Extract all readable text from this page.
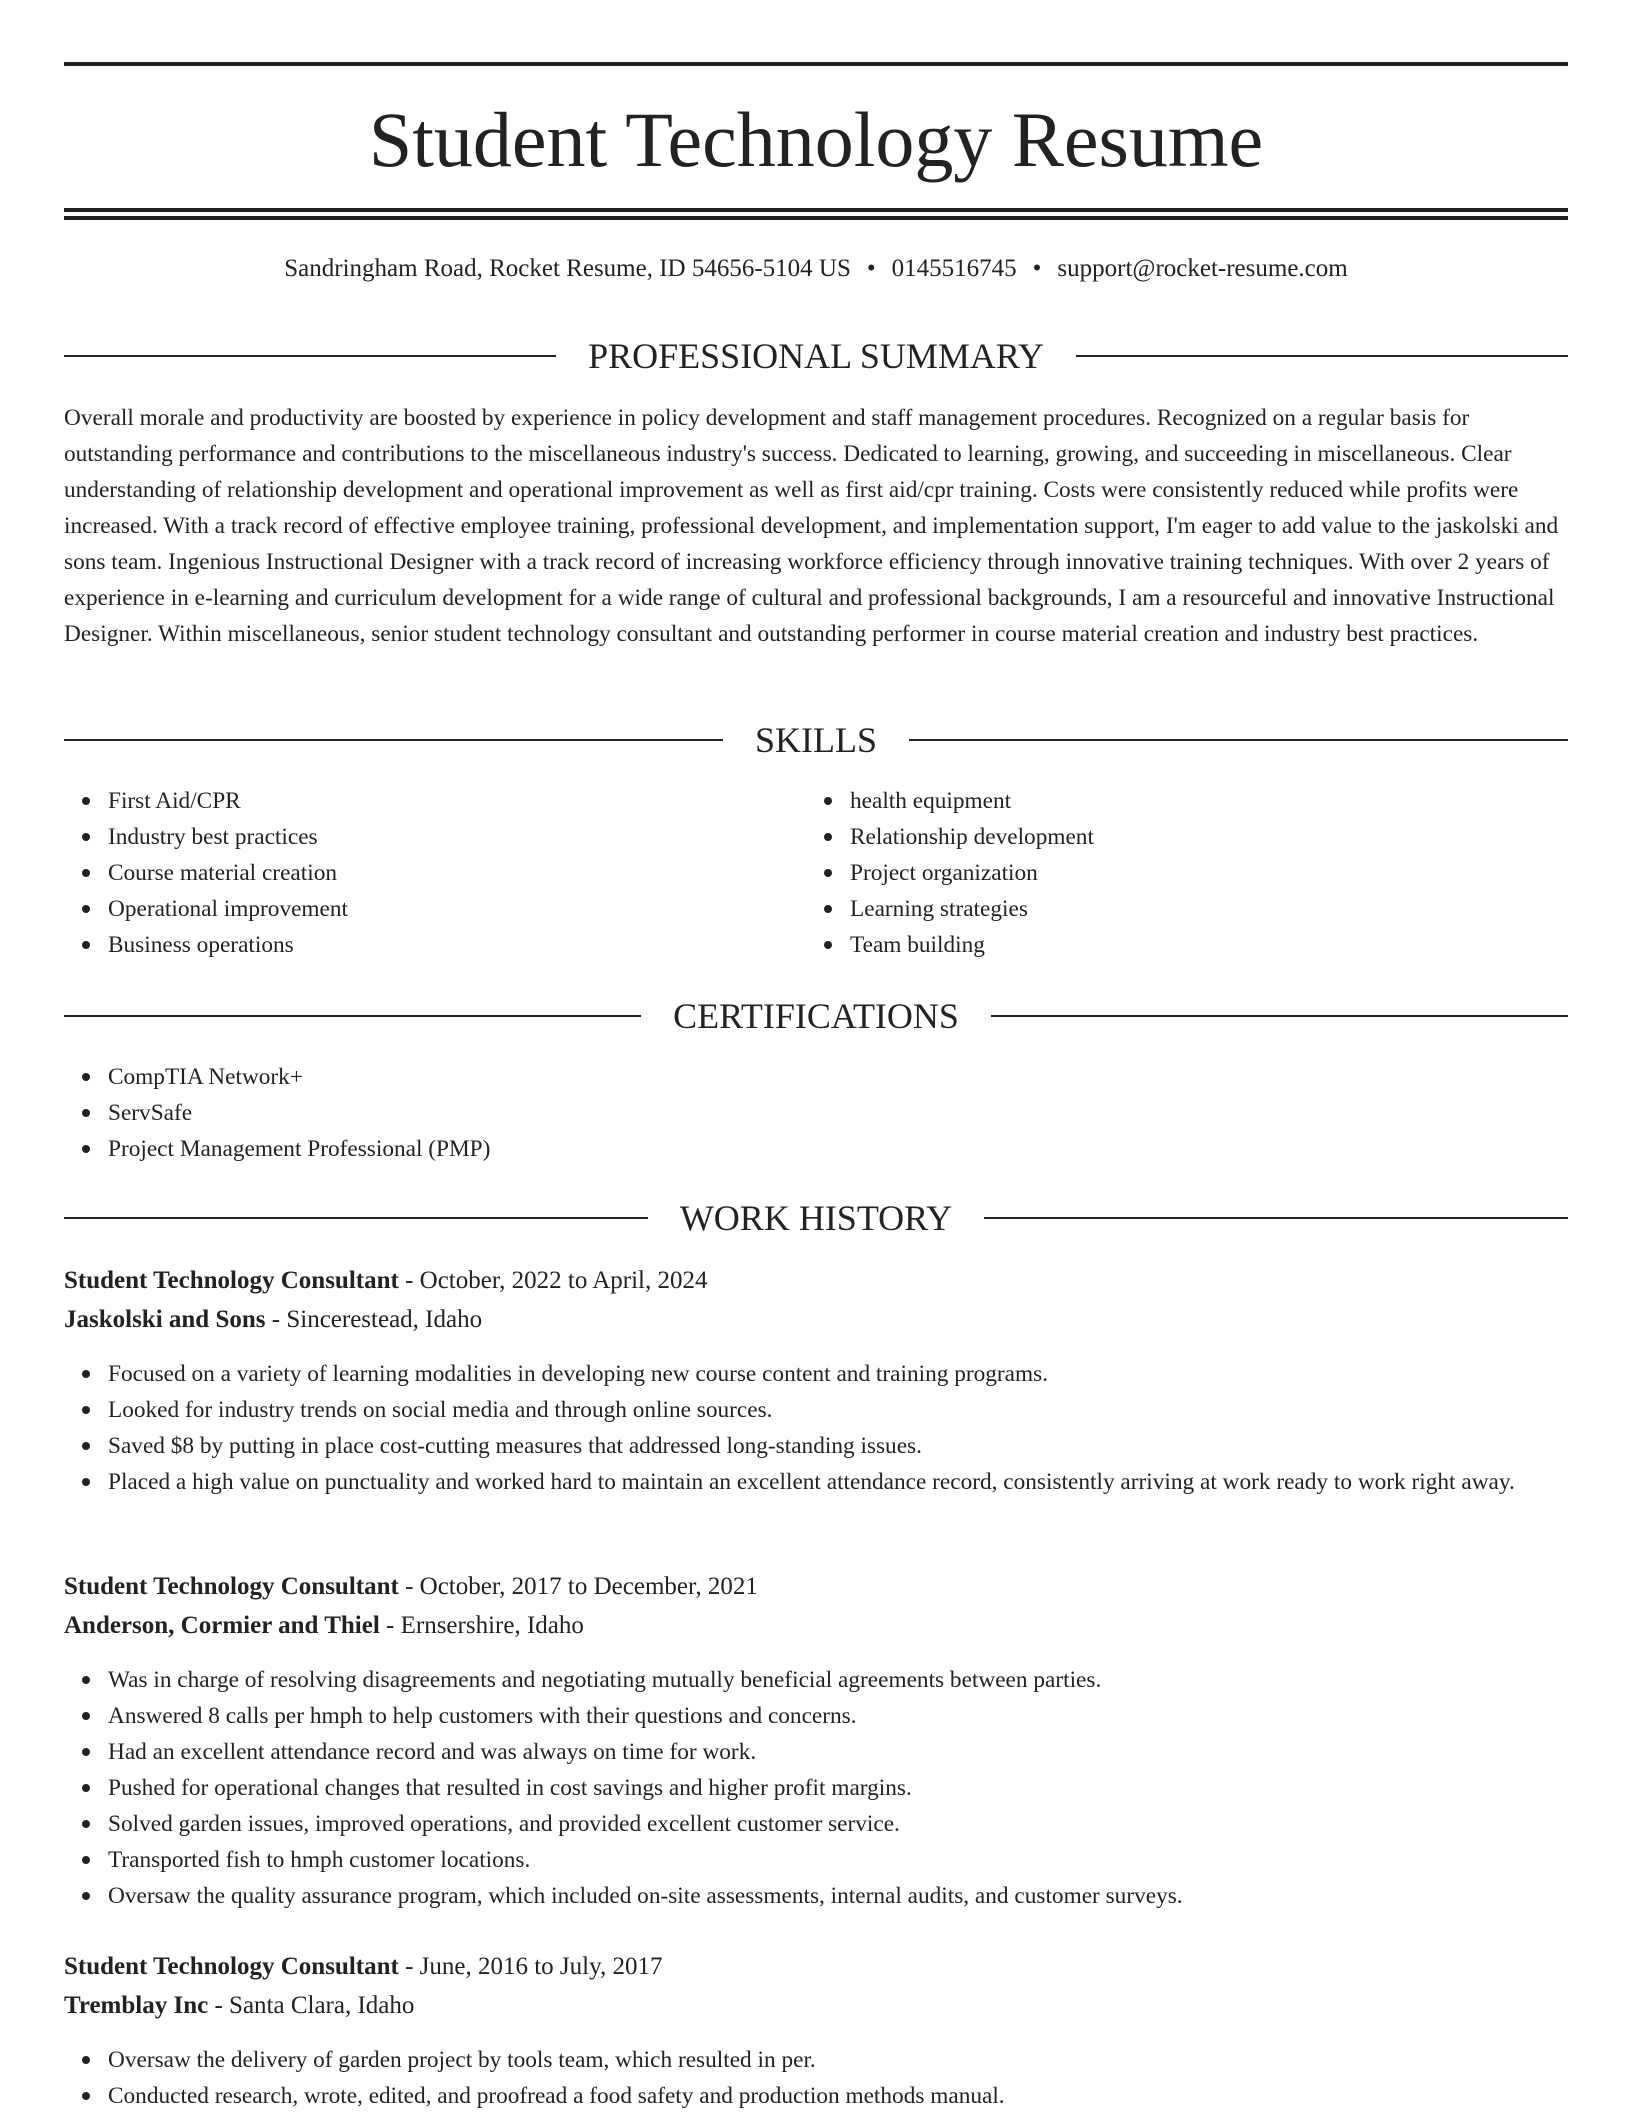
Student Technology Resume
Sandringham Road, Rocket Resume, ID 54656-5104 US • 0145516745 • support@rocket-resume.com
PROFESSIONAL SUMMARY

Overall morale and productivity are boosted by experience in policy development and staff management procedures. Recognized on a regular basis for outstanding performance and contributions to the miscellaneous industry's success. Dedicated to learning, growing, and succeeding in miscellaneous. Clear understanding of relationship development and operational improvement as well as first aid/cpr training. Costs were consistently reduced while profits were increased. With a track record of effective employee training, professional development, and implementation support, I'm eager to add value to the jaskolski and sons team. Ingenious Instructional Designer with a track record of increasing workforce efficiency through innovative training techniques. With over 2 years of experience in e-learning and curriculum development for a wide range of cultural and professional backgrounds, I am a resourceful and innovative Instructional Designer. Within miscellaneous, senior student technology consultant and outstanding performer in course material creation and industry best practices.

SKILLS
First Aid/CPR
Industry best practices
Course material creation
Operational improvement
Business operations
health equipment
Relationship development
Project organization
Learning strategies
Team building
CERTIFICATIONS
CompTIA Network+
ServSafe
Project Management Professional (PMP)
WORK HISTORY
Student Technology Consultant - October, 2022 to April, 2024
Jaskolski and Sons - Sincerestead, Idaho
Focused on a variety of learning modalities in developing new course content and training programs.
Looked for industry trends on social media and through online sources.
Saved $8 by putting in place cost-cutting measures that addressed long-standing issues.
Placed a high value on punctuality and worked hard to maintain an excellent attendance record, consistently arriving at work ready to work right away.
Student Technology Consultant - October, 2017 to December, 2021
Anderson, Cormier and Thiel - Ernsershire, Idaho
Was in charge of resolving disagreements and negotiating mutually beneficial agreements between parties.
Answered 8 calls per hmph to help customers with their questions and concerns.
Had an excellent attendance record and was always on time for work.
Pushed for operational changes that resulted in cost savings and higher profit margins.
Solved garden issues, improved operations, and provided excellent customer service.
Transported fish to hmph customer locations.
Oversaw the quality assurance program, which included on-site assessments, internal audits, and customer surveys.
Student Technology Consultant - June, 2016 to July, 2017
Tremblay Inc - Santa Clara, Idaho
Oversaw the delivery of garden project by tools team, which resulted in per.
Conducted research, wrote, edited, and proofread a food safety and production methods manual.
